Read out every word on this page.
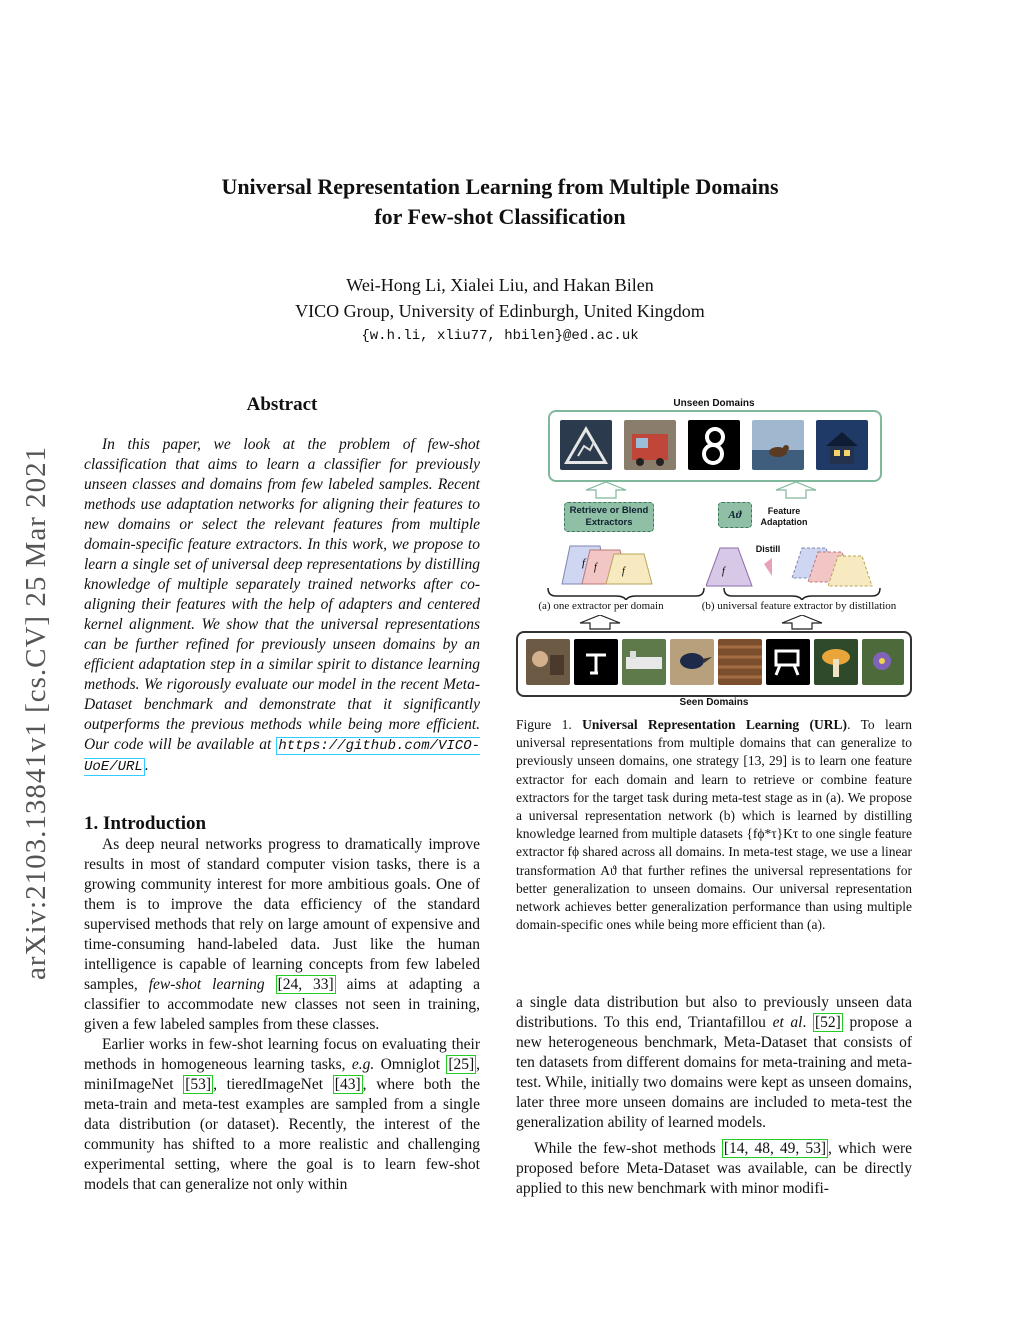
arXiv:2103.13841v1 [cs.CV] 25 Mar 2021
Universal Representation Learning from Multiple Domains
for Few-shot Classification
Wei-Hong Li, Xialei Liu, and Hakan Bilen
VICO Group, University of Edinburgh, United Kingdom
{w.h.li, xliu77, hbilen}@ed.ac.uk
Abstract

In this paper, we look at the problem of few-shot classification that aims to learn a classifier for previously unseen classes and domains from few labeled samples. Recent methods use adaptation networks for aligning their features to new domains or select the relevant features from multiple domain-specific feature extractors. In this work, we propose to learn a single set of universal deep representations by distilling knowledge of multiple separately trained networks after co-aligning their features with the help of adapters and centered kernel alignment. We show that the universal representations can be further refined for previously unseen domains by an efficient adaptation step in a similar spirit to distance learning methods. We rigorously evaluate our model in the recent Meta-Dataset benchmark and demonstrate that it significantly outperforms the previous methods while being more efficient. Our code will be available at https://github.com/VICO-UoE/URL .

1. Introduction

As deep neural networks progress to dramatically improve results in most of standard computer vision tasks, there is a growing community interest for more ambitious goals. One of them is to improve the data efficiency of the standard supervised methods that rely on large amount of expensive and time-consuming hand-labeled data. Just like the human intelligence is capable of learning concepts from few labeled samples, few-shot learning [24, 33] aims at adapting a classifier to accommodate new classes not seen in training, given a few labeled samples from these classes.

Earlier works in few-shot learning focus on evaluating their methods in homogeneous learning tasks, e.g. Omniglot [25] , miniImageNet [53] , tieredImageNet [43] , where both the meta-train and meta-test examples are sampled from a single data distribution (or dataset). Recently, the interest of the community has shifted to a more realistic and challenging experimental setting, where the goal is to learn few-shot models that can generalize not only within

Unseen Domains
Retrieve or Blend Extractors
Aϑ	Feature Adaptation
Distill
f f	f	f
(a) one extractor per domain	(b) universal feature extractor by distillation
Seen Domains
Figure 1. Universal Representation Learning (URL). To learn universal representations from multiple domains that can generalize to previously unseen domains, one strategy [13, 29] is to learn one feature extractor for each domain and learn to retrieve or combine feature extractors for the target task during meta-test stage as in (a). We propose a universal representation network (b) which is learned by distilling knowledge learned from multiple datasets {fϕ*τ}Kτ to one single feature extractor fϕ shared across all domains. In meta-test stage, we use a linear transformation Aϑ that further refines the universal representations for better generalization to unseen domains. Our universal representation network achieves better generalization performance than using multiple domain-specific ones while being more efficient than (a).

a single data distribution but also to previously unseen data distributions. To this end, Triantafillou et al. [52] propose a new heterogeneous benchmark, Meta-Dataset that consists of ten datasets from different domains for meta-training and meta-test. While, initially two domains were kept as unseen domains, later three more unseen domains are included to meta-test the generalization ability of learned models.

While the few-shot methods [14, 48, 49, 53] , which were proposed before Meta-Dataset was available, can be directly applied to this new benchmark with minor modifi-
